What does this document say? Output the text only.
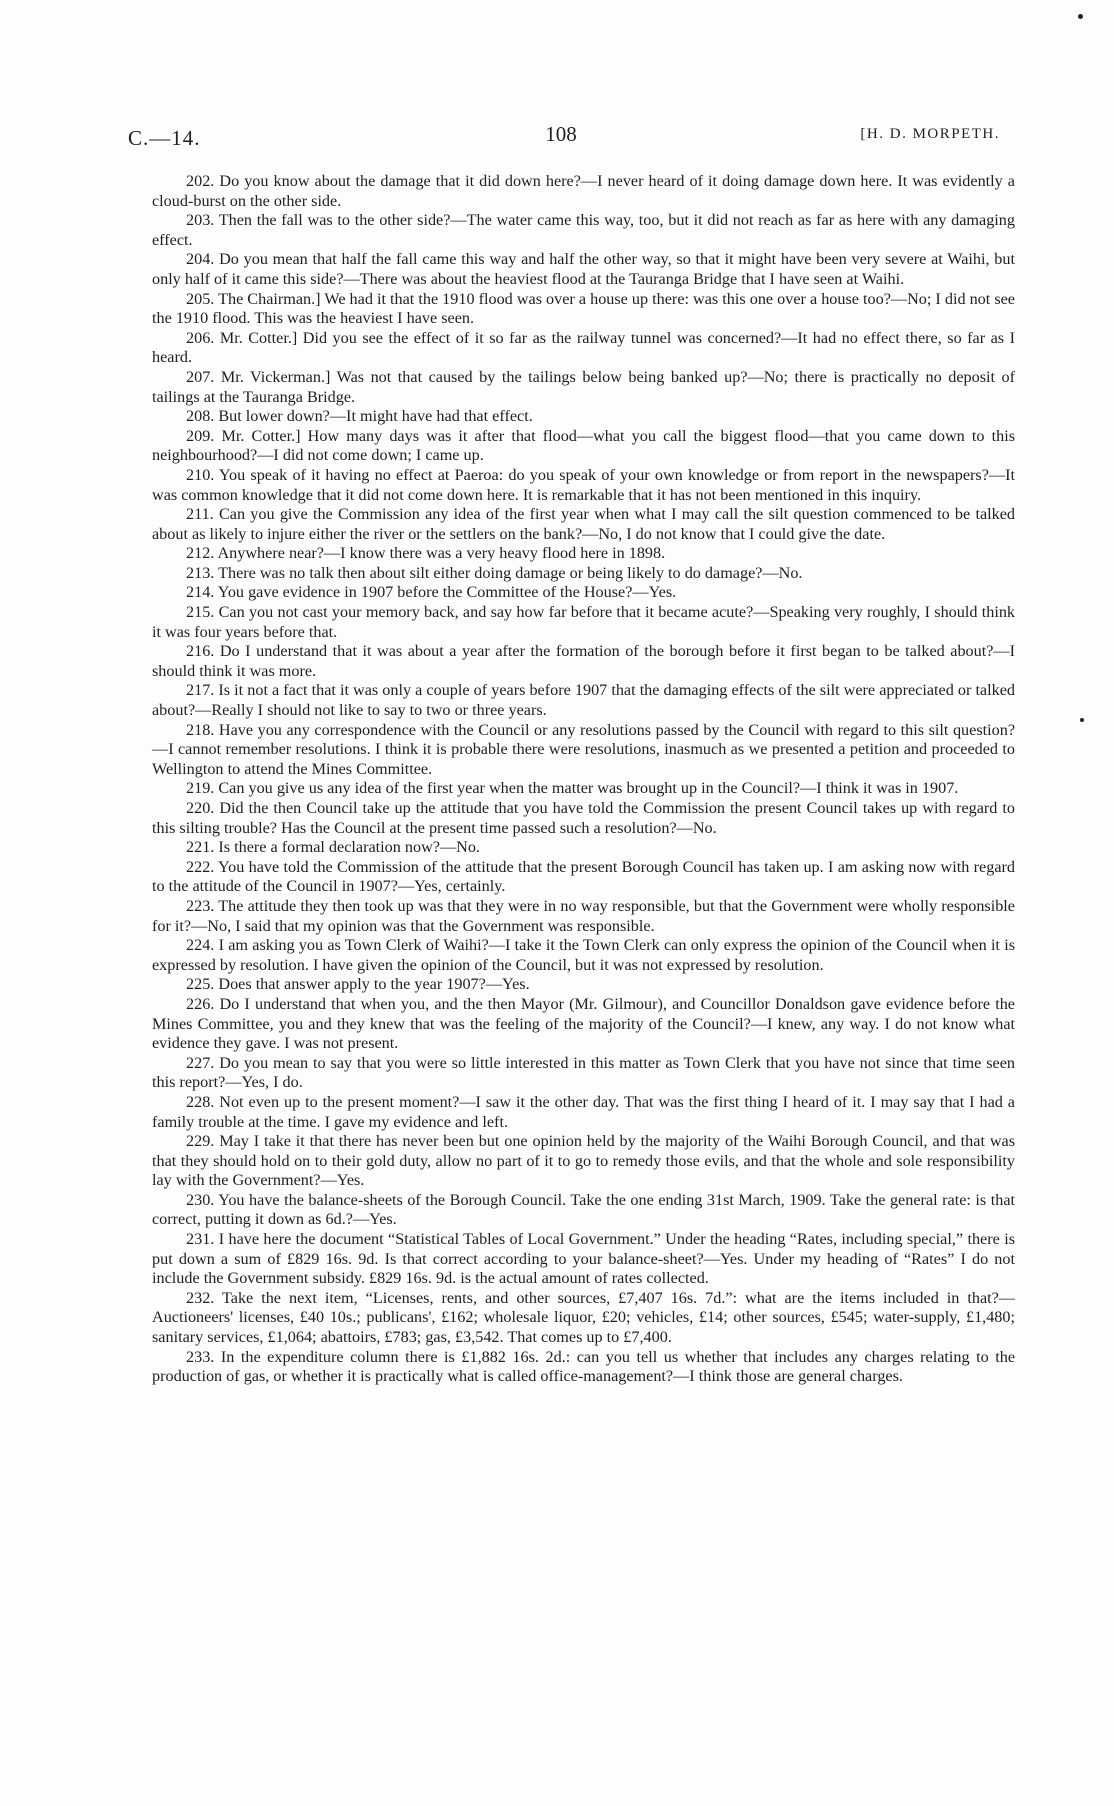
C.—14.	108	[H. D. MORPETH.

202. Do you know about the damage that it did down here?—I never heard of it doing damage down here. It was evidently a cloud-burst on the other side.

203. Then the fall was to the other side?—The water came this way, too, but it did not reach as far as here with any damaging effect.

204. Do you mean that half the fall came this way and half the other way, so that it might have been very severe at Waihi, but only half of it came this side?—There was about the heaviest flood at the Tauranga Bridge that I have seen at Waihi.

205. The Chairman.] We had it that the 1910 flood was over a house up there: was this one over a house too?—No; I did not see the 1910 flood. This was the heaviest I have seen.

206. Mr. Cotter.] Did you see the effect of it so far as the railway tunnel was concerned?—It had no effect there, so far as I heard.

207. Mr. Vickerman.] Was not that caused by the tailings below being banked up?—No; there is practically no deposit of tailings at the Tauranga Bridge.

208. But lower down?—It might have had that effect.

209. Mr. Cotter.] How many days was it after that flood—what you call the biggest flood—that you came down to this neighbourhood?—I did not come down; I came up.

210. You speak of it having no effect at Paeroa: do you speak of your own knowledge or from report in the newspapers?—It was common knowledge that it did not come down here. It is remarkable that it has not been mentioned in this inquiry.

211. Can you give the Commission any idea of the first year when what I may call the silt question commenced to be talked about as likely to injure either the river or the settlers on the bank?—No, I do not know that I could give the date.

212. Anywhere near?—I know there was a very heavy flood here in 1898.

213. There was no talk then about silt either doing damage or being likely to do damage?—No.

214. You gave evidence in 1907 before the Committee of the House?—Yes.

215. Can you not cast your memory back, and say how far before that it became acute?—Speaking very roughly, I should think it was four years before that.

216. Do I understand that it was about a year after the formation of the borough before it first began to be talked about?—I should think it was more.

217. Is it not a fact that it was only a couple of years before 1907 that the damaging effects of the silt were appreciated or talked about?—Really I should not like to say to two or three years.

218. Have you any correspondence with the Council or any resolutions passed by the Council with regard to this silt question?—I cannot remember resolutions. I think it is probable there were resolutions, inasmuch as we presented a petition and proceeded to Wellington to attend the Mines Committee.

219. Can you give us any idea of the first year when the matter was brought up in the Council?—I think it was in 1907.

220. Did the then Council take up the attitude that you have told the Commission the present Council takes up with regard to this silting trouble? Has the Council at the present time passed such a resolution?—No.

221. Is there a formal declaration now?—No.

222. You have told the Commission of the attitude that the present Borough Council has taken up. I am asking now with regard to the attitude of the Council in 1907?—Yes, certainly.

223. The attitude they then took up was that they were in no way responsible, but that the Government were wholly responsible for it?—No, I said that my opinion was that the Government was responsible.

224. I am asking you as Town Clerk of Waihi?—I take it the Town Clerk can only express the opinion of the Council when it is expressed by resolution. I have given the opinion of the Council, but it was not expressed by resolution.

225. Does that answer apply to the year 1907?—Yes.

226. Do I understand that when you, and the then Mayor (Mr. Gilmour), and Councillor Donaldson gave evidence before the Mines Committee, you and they knew that was the feeling of the majority of the Council?—I knew, any way. I do not know what evidence they gave. I was not present.

227. Do you mean to say that you were so little interested in this matter as Town Clerk that you have not since that time seen this report?—Yes, I do.

228. Not even up to the present moment?—I saw it the other day. That was the first thing I heard of it. I may say that I had a family trouble at the time. I gave my evidence and left.

229. May I take it that there has never been but one opinion held by the majority of the Waihi Borough Council, and that was that they should hold on to their gold duty, allow no part of it to go to remedy those evils, and that the whole and sole responsibility lay with the Government?—Yes.

230. You have the balance-sheets of the Borough Council. Take the one ending 31st March, 1909. Take the general rate: is that correct, putting it down as 6d.?—Yes.

231. I have here the document “Statistical Tables of Local Government.” Under the heading “Rates, including special,” there is put down a sum of £829 16s. 9d. Is that correct according to your balance-sheet?—Yes. Under my heading of “Rates” I do not include the Government subsidy. £829 16s. 9d. is the actual amount of rates collected.

232. Take the next item, “Licenses, rents, and other sources, £7,407 16s. 7d.”: what are the items included in that?—Auctioneers' licenses, £40 10s.; publicans', £162; wholesale liquor, £20; vehicles, £14; other sources, £545; water-supply, £1,480; sanitary services, £1,064; abattoirs, £783; gas, £3,542. That comes up to £7,400.

233. In the expenditure column there is £1,882 16s. 2d.: can you tell us whether that includes any charges relating to the production of gas, or whether it is practically what is called office-management?—I think those are general charges.
